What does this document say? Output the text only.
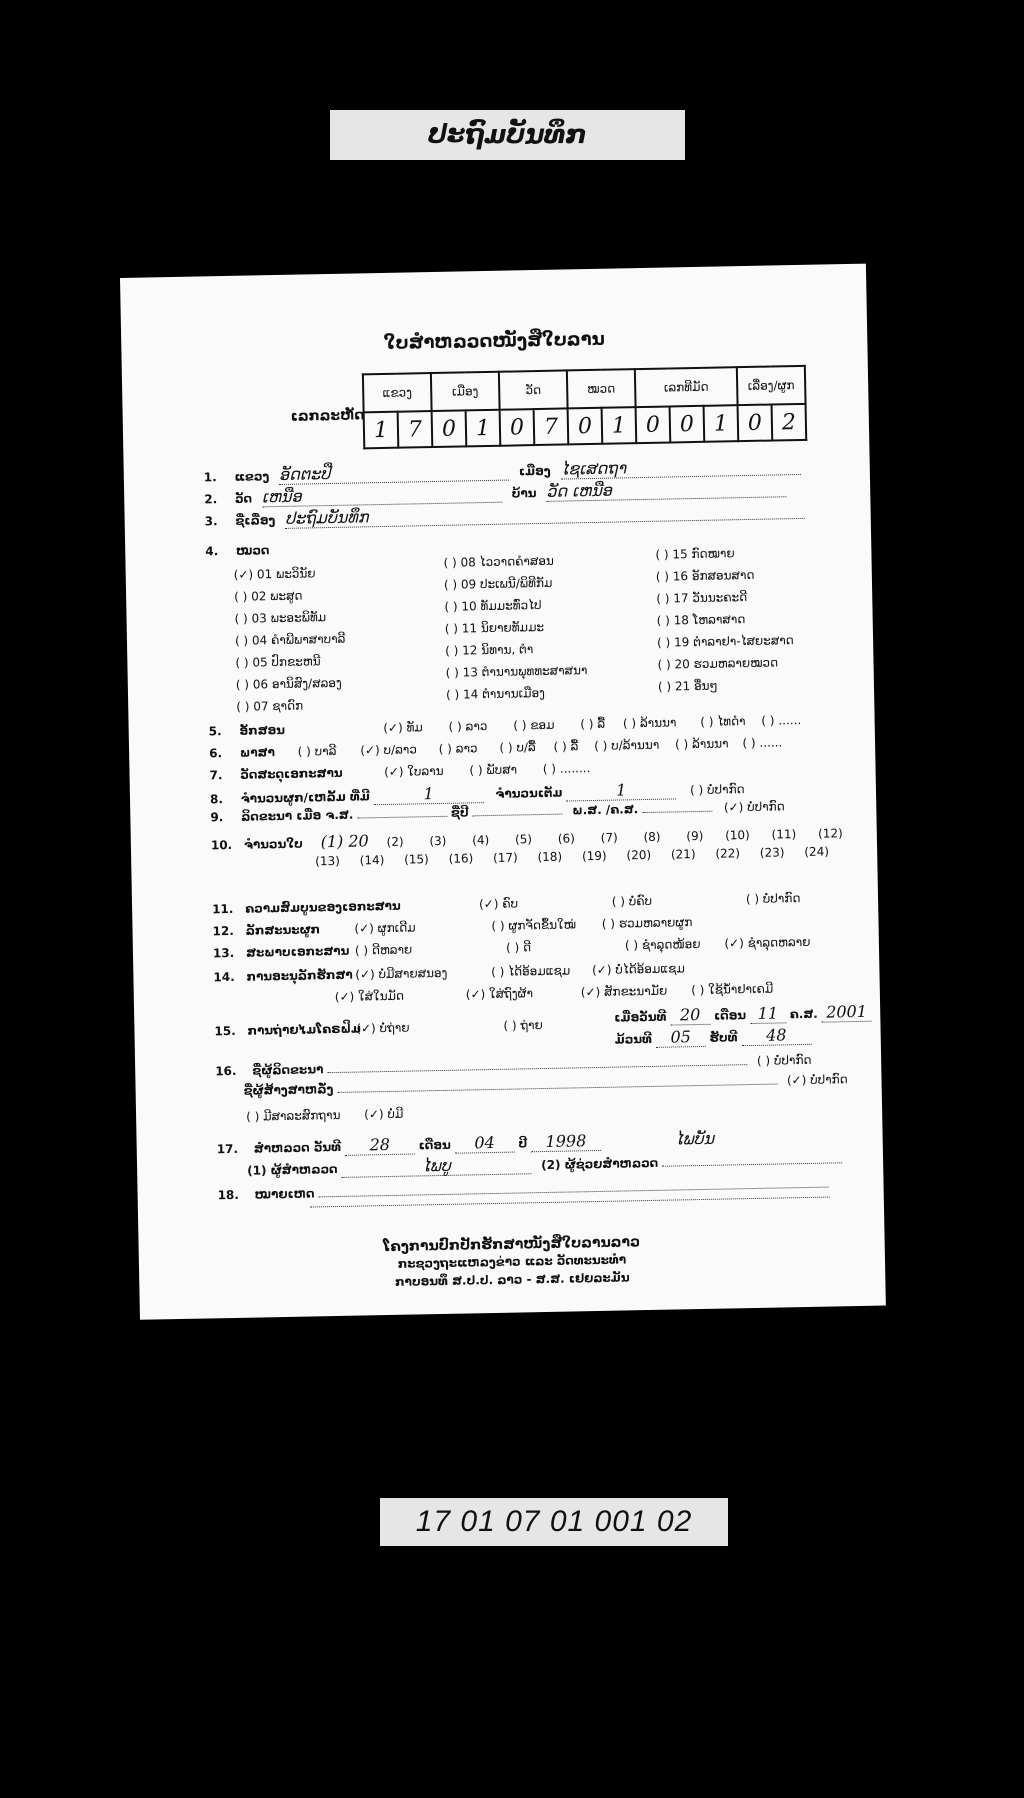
ປະຖົມບັນທຶກ
ໃບສຳຫລວດໜັງສືໃບລານ
ເລກລະຫັດ
ແຂວງ		ເມືອງ		ວັດ		ໝວດ		ເລກທີມັດ			ເລື່ອງ/ຜູກ	
1	7	0	1	0	7	0	1	0	0	1	0	2
1. ແຂວງ ອັດຕະປື	ເມືອງ ໄຊເສດຖາ
2. ວັດ ເຫນືອ	ບ້ານ ວັດ ເຫນືອ
3. ຊື່ເລື່ອງ ປະຖົມບັນທຶກ
4. ໝວດ
(✓) 01 ພະວິນັຍ
( ) 02 ພະສູດ
( ) 03 ພະອະພິທັມ
( ) 04 ຄຳພີພາສາບາລີ
( ) 05 ປົກຂະຫນີ
( ) 06 ອານິສົງ/ສລອງ
( ) 07 ຊາດົກ
( ) 08 ໄວວາດຄຳສອນ
( ) 09 ປະເພນີ/ພິທີກັມ
( ) 10 ທັມມະທົ່ວໄປ
( ) 11 ນິຍາຍທັມມະ
( ) 12 ນິທານ, ຕຳ
( ) 13 ຕຳນານພຸທທະສາສນາ
( ) 14 ຕຳນານເມືອງ
( ) 15 ກົດໝາຍ
( ) 16 ອັກສອນສາດ
( ) 17 ວັນນະຄະດີ
( ) 18 ໂຫລາສາດ
( ) 19 ຕຳລາຢາ-ໄສຍະສາດ
( ) 20 ຮວມຫລາຍໝວດ
( ) 21 ອື່ນໆ
5. ອັກສອນ	(✓) ທັມ ( ) ລາວ ( ) ຂອມ ( ) ລື້ ( ) ລ້ານນາ ( ) ໄທດຳ ( ) ......
6. ພາສາ ( ) ບາລີ (✓) ບ/ລາວ ( ) ລາວ ( ) ບ/ລື້ ( ) ລື້ ( ) ບ/ລ້ານນາ ( ) ລ້ານນາ ( ) ......
7. ວັດສະດຸເອກະສານ	(✓) ໃບລານ ( ) ພັບສາ ( ) ........
8. ຈຳນວນຜູກ/ເຫລັ້ມ ທີ່ມີ	1	ຈຳນວນເຕັມ	1	( ) ບໍ່ປາກົດ
9. ລິດຂະນາ ເມື່ອ ຈ.ສ.	ຊື່ປີ	ພ.ສ. /ຄ.ສ.	(✓) ບໍ່ປາກົດ
10. ຈຳນວນໃບ (1) 20 (2) (3) (4) (5) (6) (7) (8) (9) (10) (11) (12)
(13) (14) (15) (16) (17) (18) (19) (20) (21) (22) (23) (24)
11. ຄວາມສົມບູນຂອງເອກະສານ	(✓) ຄົບ	( ) ບໍ່ຄົບ	( ) ບໍ່ປາກົດ
12. ລັກສະນະຜູກ	(✓) ຜູກເດີມ	( ) ຜູກຈັດຂຶ້ນໃໝ່ ( ) ຮວມຫລາຍຜູກ
13. ສະພາບເອກະສານ ( ) ດີຫລາຍ	( ) ດີ	( ) ຊຳລຸດໜ້ອຍ (✓) ຊຳລຸດຫລາຍ
14. ການອະນຸລັກຮັກສາ (✓) ບໍ່ມີສາຍສນອງ	( ) ໄດ້ອ້ອມແຊມ (✓) ບໍ່ໄດ້ອ້ອມແຊມ
(✓) ໃສ່ໃນມັດ	(✓) ໃສ່ຖົງຜ້າ	(✓) ສັກຂະນາມັຍ ( ) ໃຊ້ນ້ຳຢາເຄມີ
ເມື່ອວັນທີ 20 ເດືອນ 11 ຄ.ສ. 2001
ມ້ວນທີ 05 ຮັບທີ 48
15. ການຖ່າຍໄມໂຄຣຟິມ (✓) ບໍ່ຖ່າຍ	( ) ຖ່າຍ
16. ຊື່ຜູ້ລິດຂະນາ  ( ) ບໍ່ປາກົດ
ຊື່ຜູ້ສ້າງສາຫລັ່ງ  (✓) ບໍ່ປາກົດ
( ) ມີສາລະສົກຖານ (✓) ບໍ່ມີ
17. ສຳຫລວດ ວັນທີ 28 ເດືອນ 04 ປີ 1998	ໄພບັນ
(1) ຜູ້ສຳຫລວດ	ໄພບູ	(2) ຜູ້ຊ່ວຍສຳຫລວດ
18. ໝາຍເຫດ
ໂຄງການປົກປັກຮັກສາໜັງສືໃບລານລາວ
ກະຊວງຖະແຫລງຂ່າວ ແລະ ວັດທະນະທຳ
ກາບອນທຶ ສ.ປ.ປ. ລາວ - ສ.ສ. ເຢຍລະມັນ
17 01 07 01 001 02
